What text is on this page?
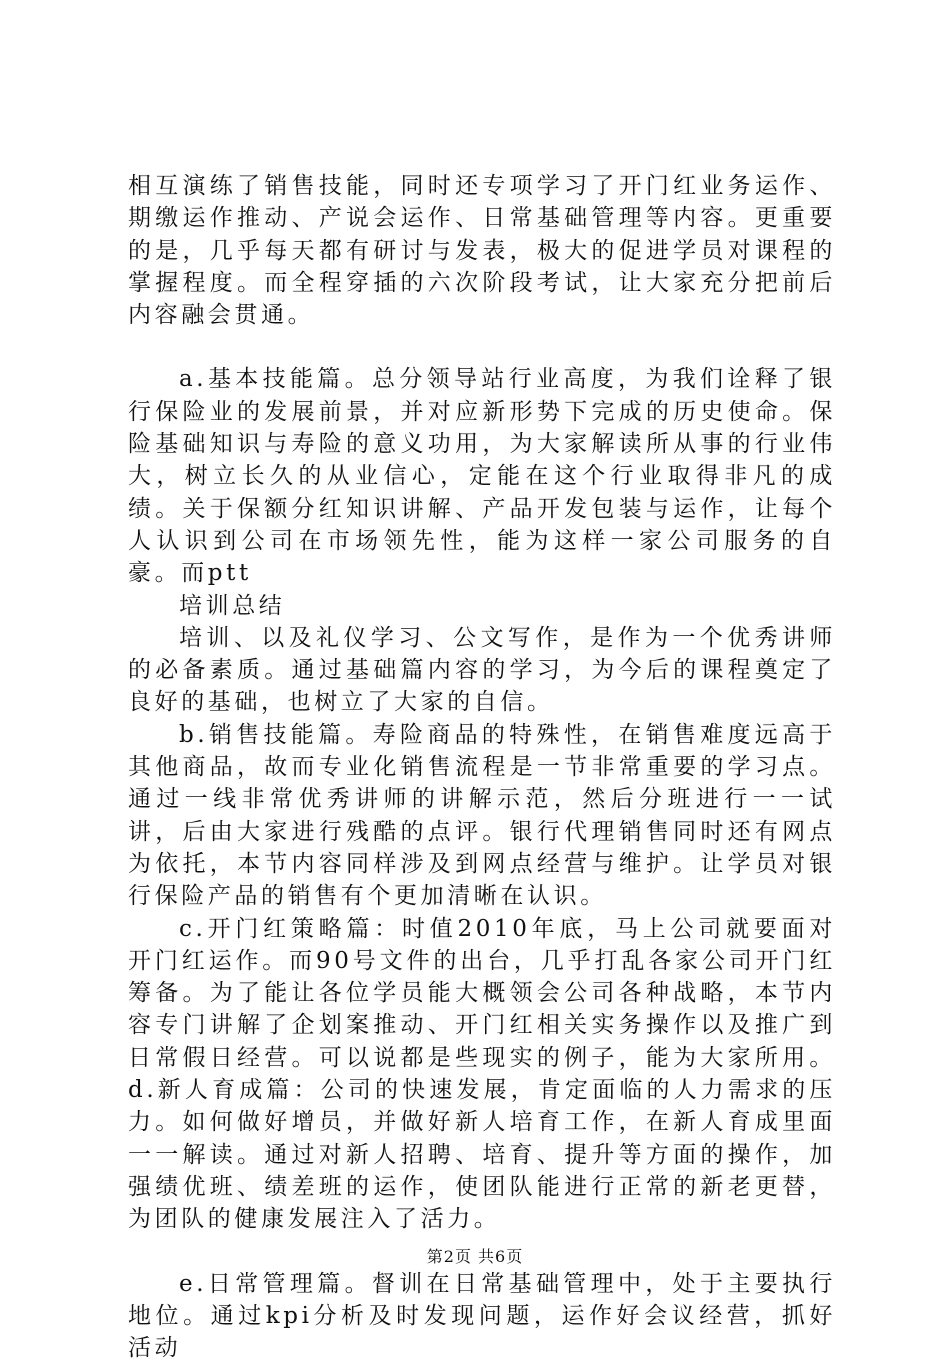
相互演练了销售技能，同时还专项学习了开门红业务运作、期缴运作推动、产说会运作、日常基础管理等内容。更重要的是，几乎每天都有研讨与发表，极大的促进学员对课程的掌握程度。而全程穿插的六次阶段考试，让大家充分把前后内容融会贯通。

a.基本技能篇。总分领导站行业高度，为我们诠释了银行保险业的发展前景，并对应新形势下完成的历史使命。保险基础知识与寿险的意义功用，为大家解读所从事的行业伟大，树立长久的从业信心，定能在这个行业取得非凡的成绩。关于保额分红知识讲解、产品开发包装与运作，让每个人认识到公司在市场领先性，能为这样一家公司服务的自豪。而ptt

培训总结

培训、以及礼仪学习、公文写作，是作为一个优秀讲师的必备素质。通过基础篇内容的学习，为今后的课程奠定了良好的基础，也树立了大家的自信。

b.销售技能篇。寿险商品的特殊性，在销售难度远高于其他商品，故而专业化销售流程是一节非常重要的学习点。通过一线非常优秀讲师的讲解示范，然后分班进行一一试讲，后由大家进行残酷的点评。银行代理销售同时还有网点为依托，本节内容同样涉及到网点经营与维护。让学员对银行保险产品的销售有个更加清晰在认识。

c.开门红策略篇：时值2010年底，马上公司就要面对开门红运作。而90号文件的出台，几乎打乱各家公司开门红筹备。为了能让各位学员能大概领会公司各种战略，本节内容专门讲解了企划案推动、开门红相关实务操作以及推广到日常假日经营。可以说都是些现实的例子，能为大家所用。d.新人育成篇：公司的快速发展，肯定面临的人力需求的压力。如何做好增员，并做好新人培育工作，在新人育成里面一一解读。通过对新人招聘、培育、提升等方面的操作，加强绩优班、绩差班的运作，使团队能进行正常的新老更替，为团队的健康发展注入了活力。

e.日常管理篇。督训在日常基础管理中，处于主要执行地位。通过kpi分析及时发现问题，运作好会议经营，抓好活动

第2页 共6页
